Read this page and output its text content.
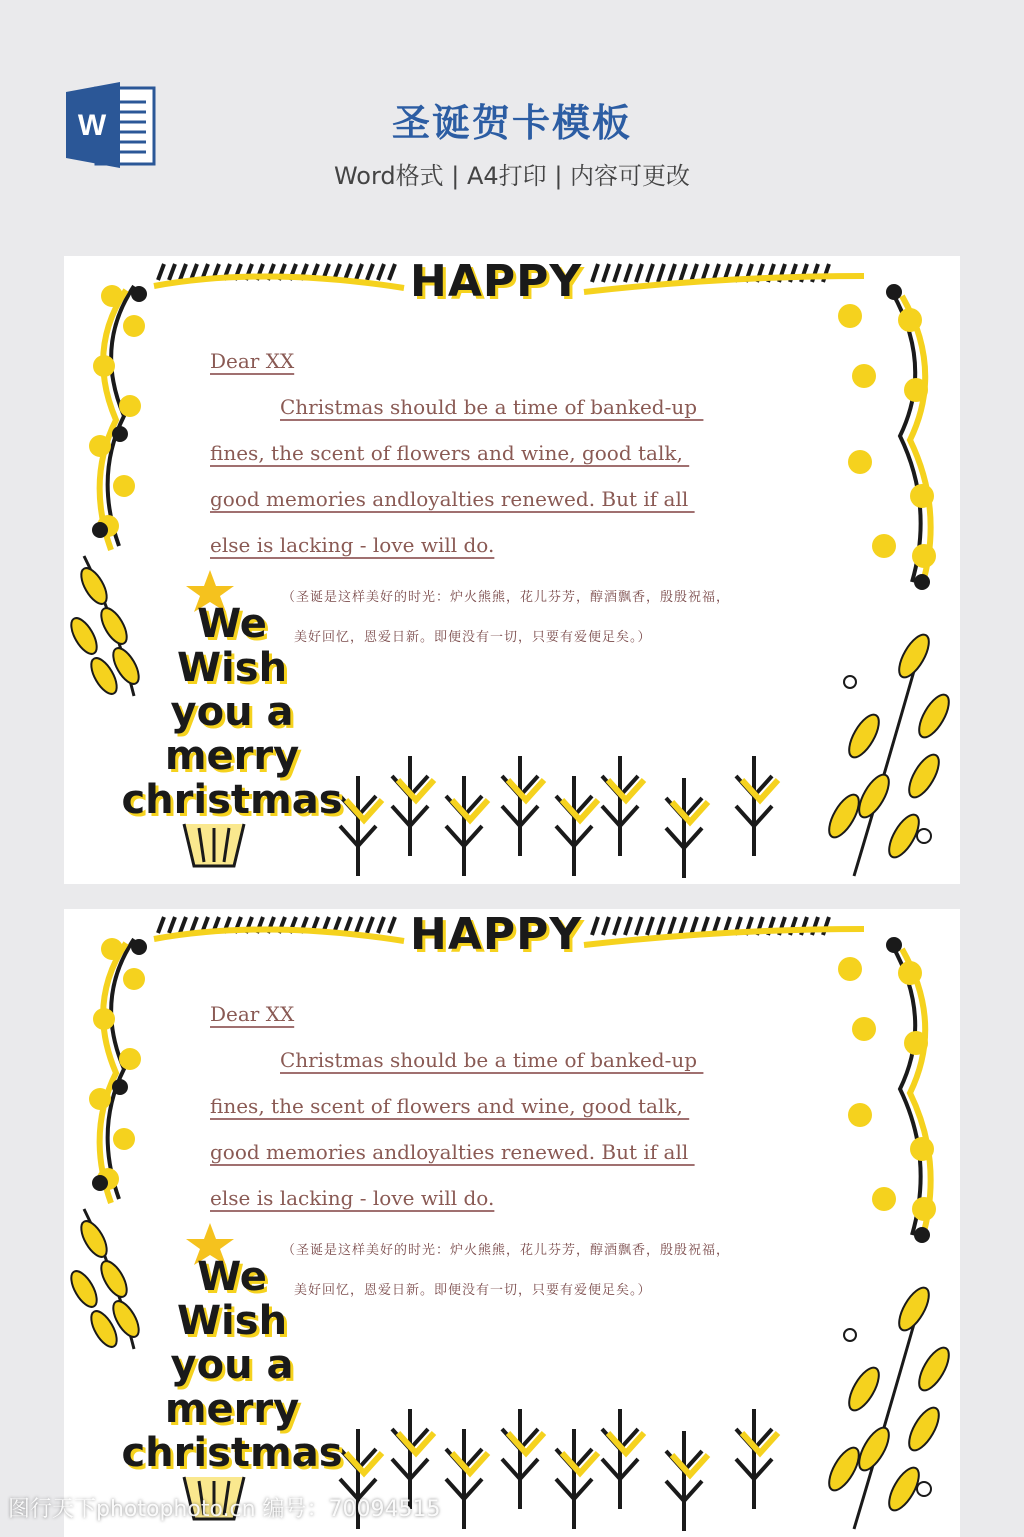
W	圣诞贺卡模板
Word格式 | A4打印 | 内容可更改
HAPPY
Dear XX
Christmas should be a time of banked-up
fines, the scent of flowers and wine, good talk,
good memories andloyalties renewed. But if all
else is lacking - love will do.
（圣诞是这样美好的时光：炉火熊熊，花儿芬芳，醇酒飘香，殷殷祝福，
美好回忆，恩爱日新。即便没有一切，只要有爱便足矣。）
We
Wish
you a
merry
christmas
HAPPY
Dear XX
Christmas should be a time of banked-up
fines, the scent of flowers and wine, good talk,
good memories andloyalties renewed. But if all
else is lacking - love will do.
（圣诞是这样美好的时光：炉火熊熊，花儿芬芳，醇酒飘香，殷殷祝福，
美好回忆，恩爱日新。即便没有一切，只要有爱便足矣。）
We
Wish
you a
merry
christmas
图行天下photophoto.cn 编号：70094515
